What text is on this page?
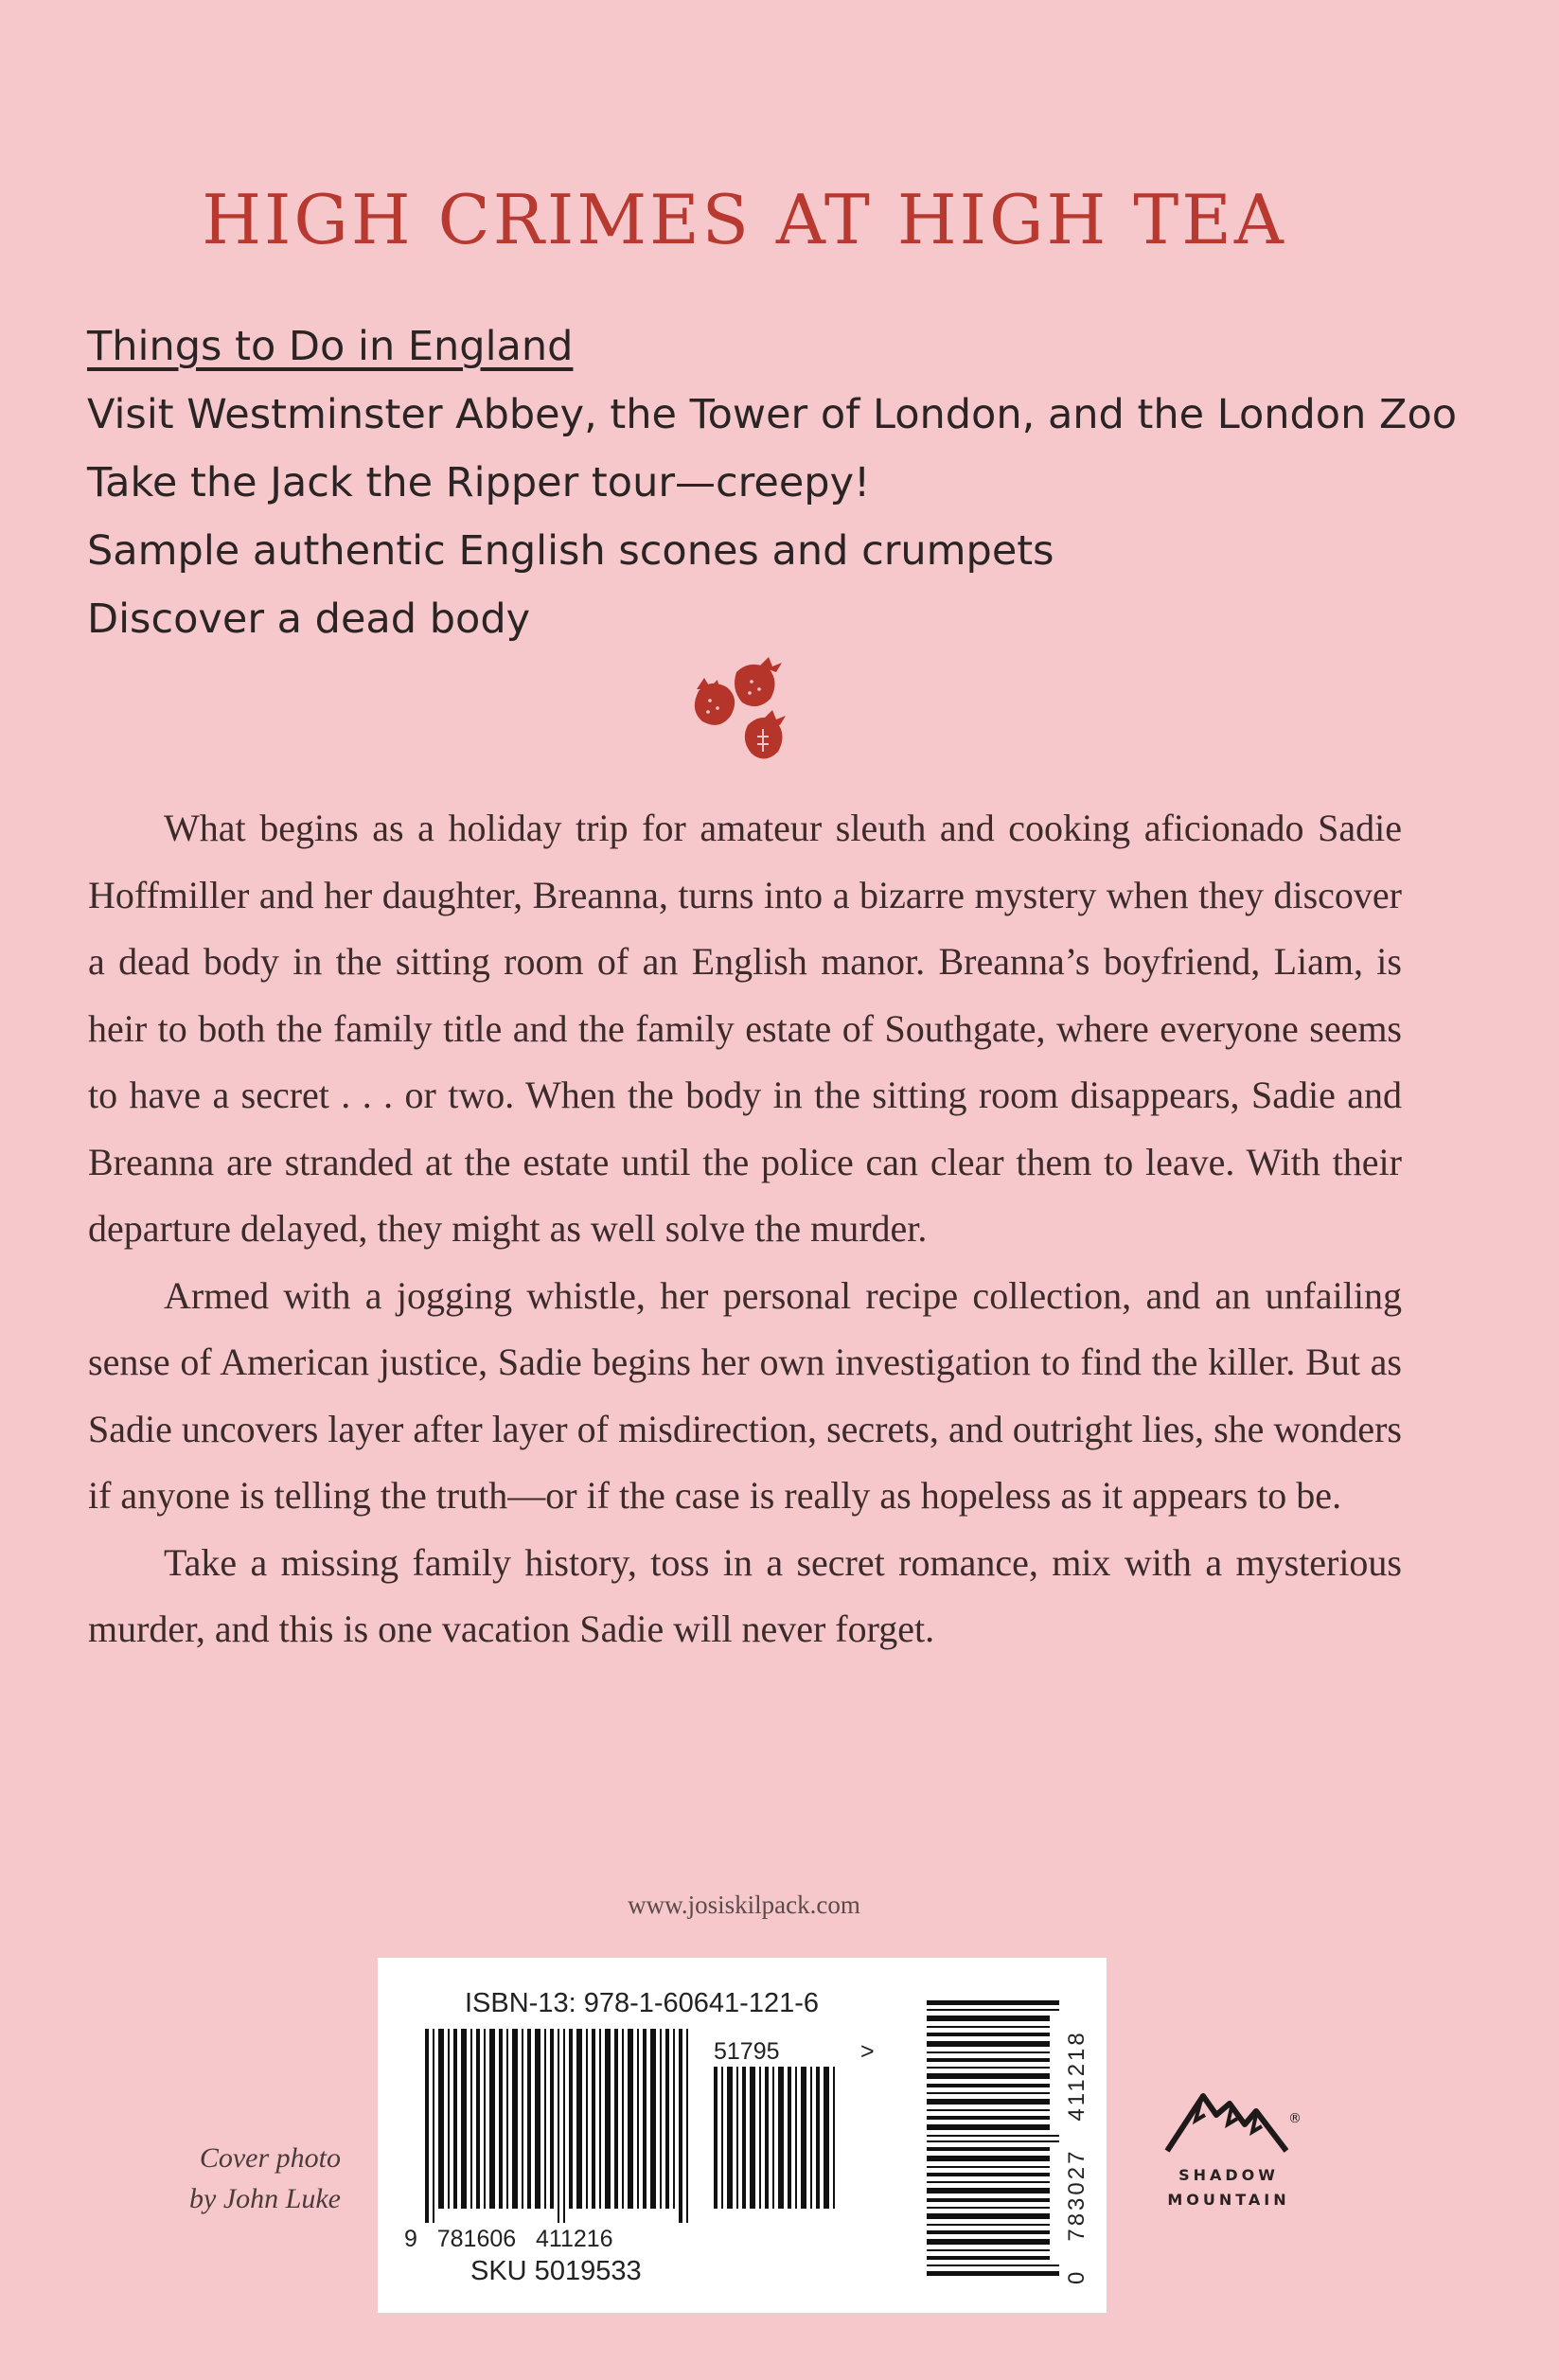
HIGH CRIMES AT HIGH TEA
Things to Do in England
Visit Westminster Abbey, the Tower of London, and the London Zoo
Take the Jack the Ripper tour—creepy!
Sample authentic English scones and crumpets
Discover a dead body

What begins as a holiday trip for amateur sleuth and cooking aficionado Sadie Hoffmiller and her daughter, Breanna, turns into a bizarre mystery when they discover a dead body in the sitting room of an English manor. Breanna’s boyfriend, Liam, is heir to both the family title and the family estate of Southgate, where everyone seems to have a secret . . . or two. When the body in the sitting room disappears, Sadie and Breanna are stranded at the estate until the police can clear them to leave. With their departure delayed, they might as well solve the murder.

Armed with a jogging whistle, her personal recipe collection, and an unfailing sense of American justice, Sadie begins her own investigation to find the killer. But as Sadie uncovers layer after layer of misdirection, secrets, and outright lies, she wonders if anyone is telling the truth—or if the case is really as hopeless as it appears to be.

Take a missing family history, toss in a secret romance, mix with a mysterious murder, and this is one vacation Sadie will never forget.

www.josiskilpack.com
Cover photo
by John Luke
ISBN-13: 978-1-60641-121-6
9   781606   411216
51795	>
SKU 5019533	0   783027   411218	®
SHADOW
MOUNTAIN
